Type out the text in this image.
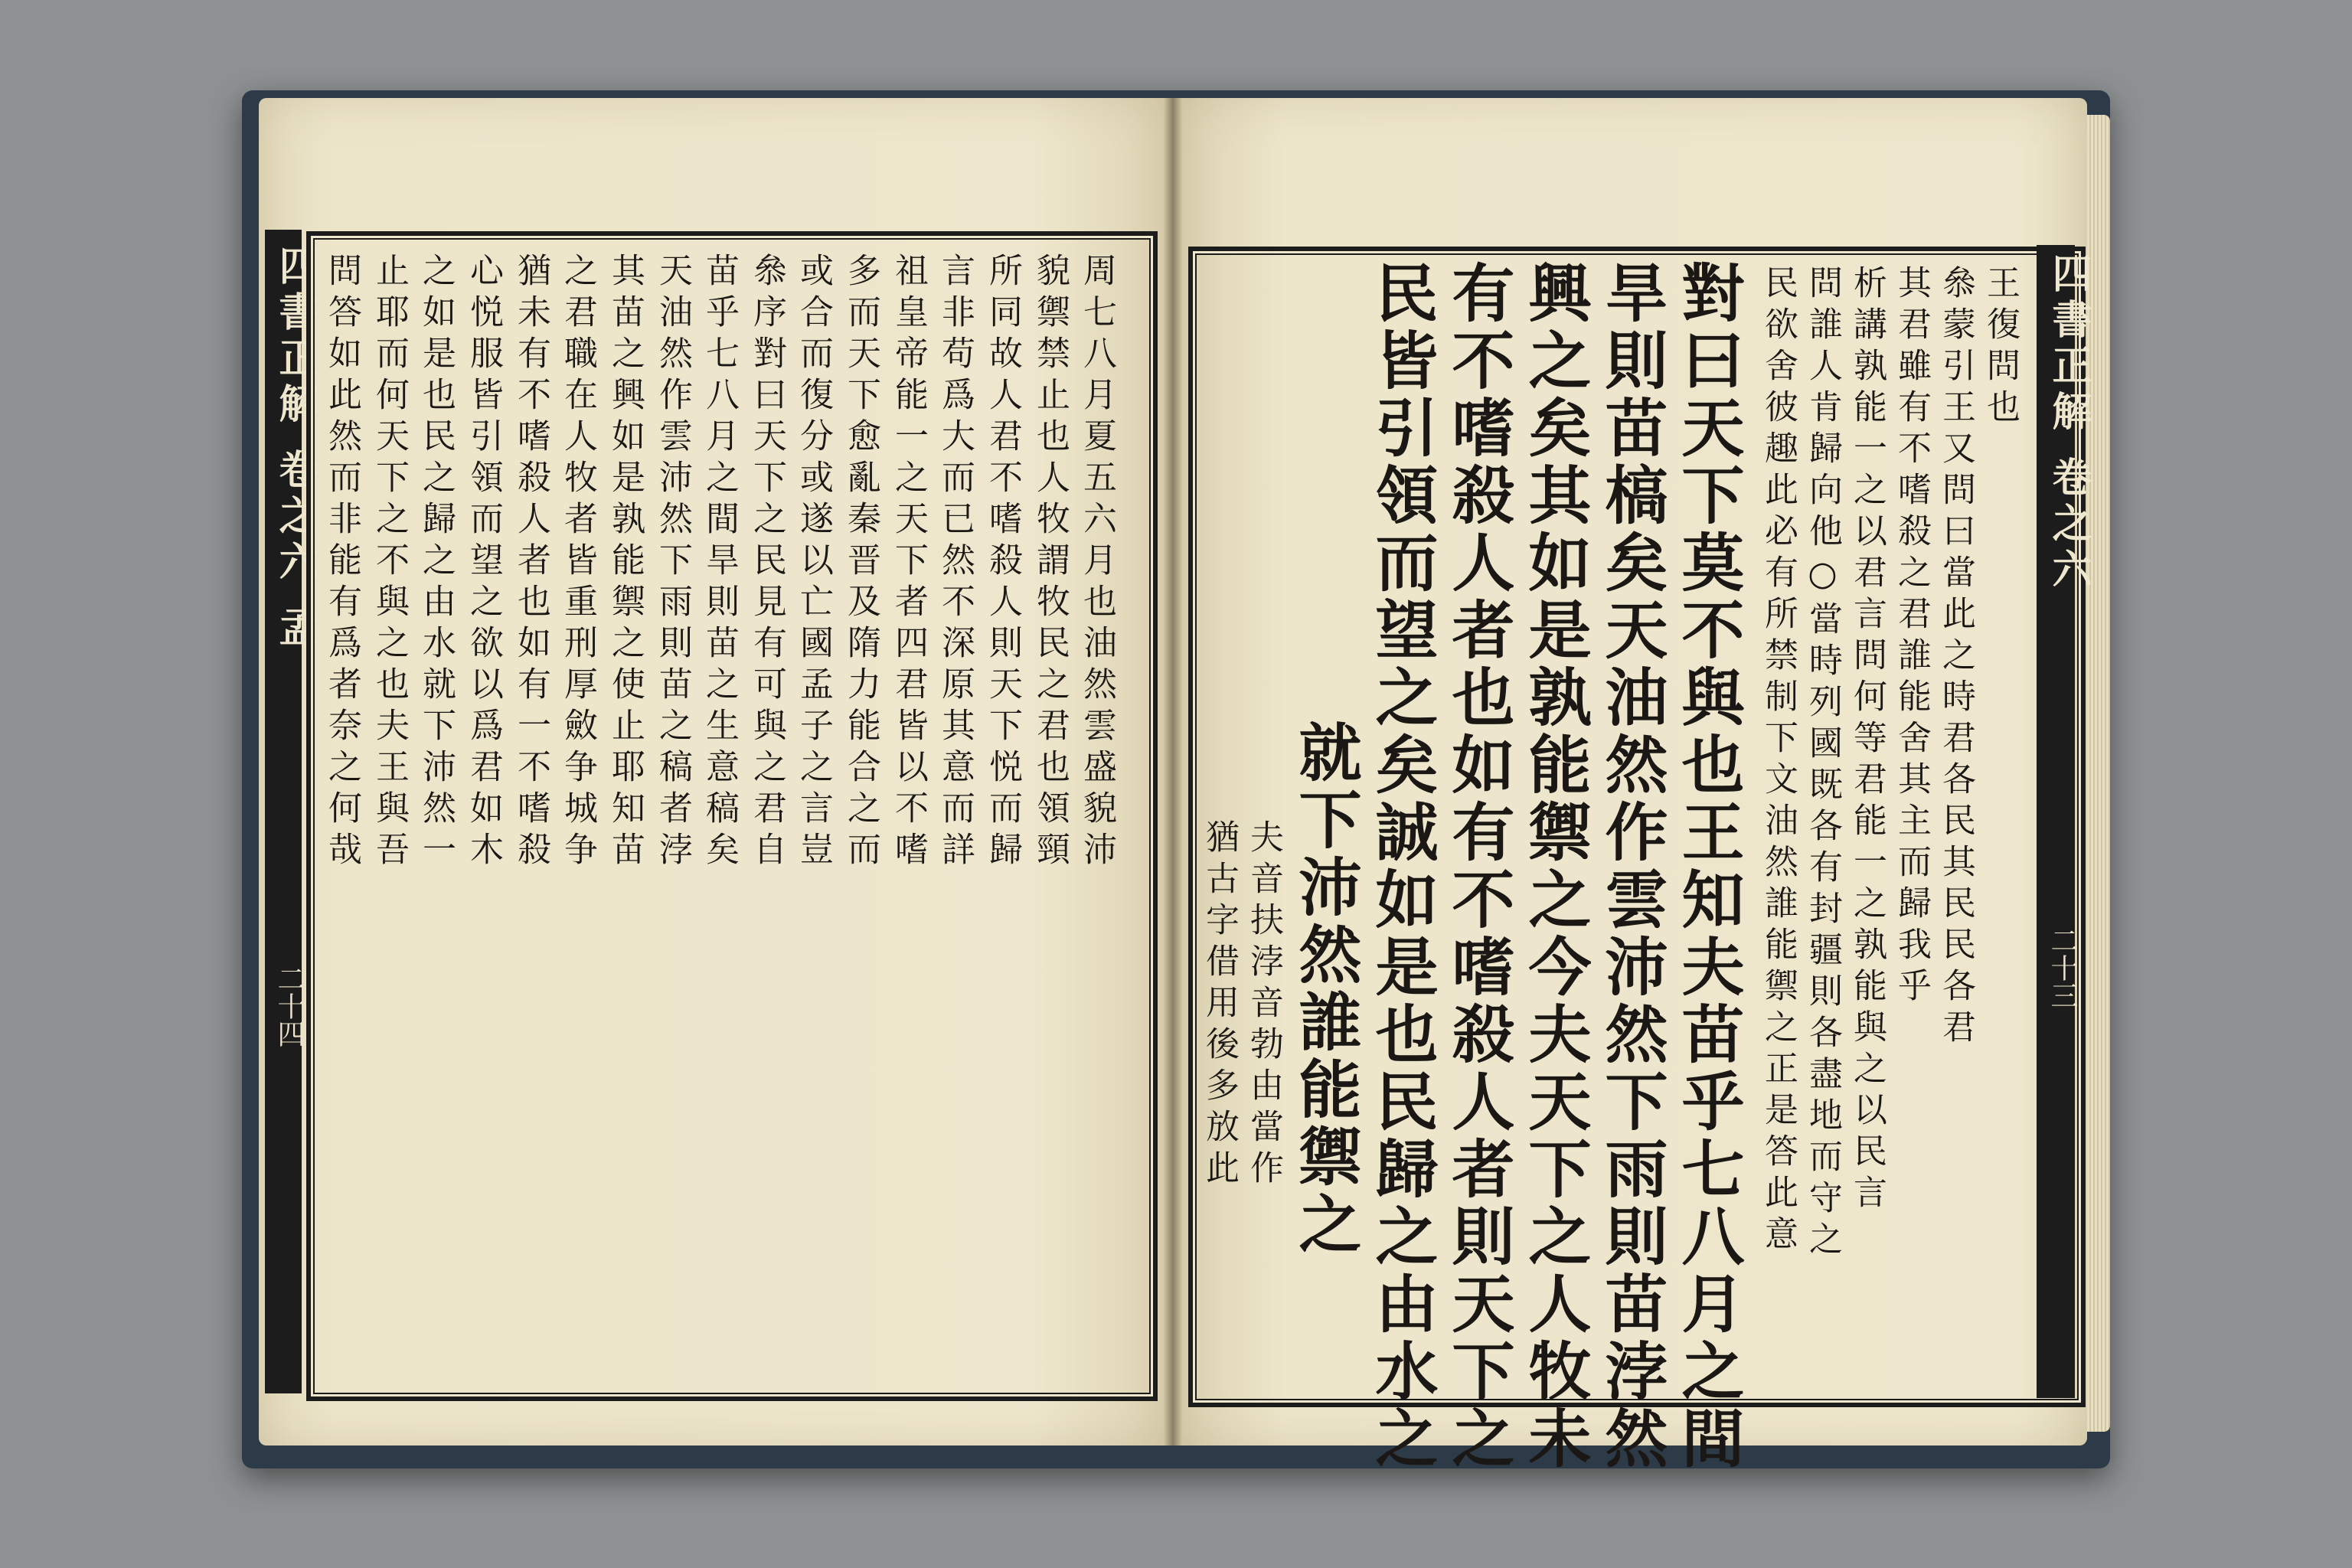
四書正解 卷之六 孟
二十四
問答如此然而非能有爲者奈之何哉 止耶而何天下之不與之也夫王與吾 之如是也民之歸之由水就下沛然一 心悦服皆引領而望之欲以爲君如木 猶未有不嗜殺人者也如有一不嗜殺 之君職在人牧者皆重刑厚斂争城争 其苗之興如是孰能禦之使止耶知苗 天油然作雲沛然下雨則苗之稿者浡 苗乎七八月之間旱則苗之生意稿矣 叅序對曰天下之民見有可與之君自 或合而復分或遂以亡國孟子之言豈 多而天下愈亂秦晋及隋力能合之而 祖皇帝能一之天下者四君皆以不嗜 言非苟爲大而已然不深原其意而詳 所同故人君不嗜殺人則天下悦而歸 貌禦禁止也人牧謂牧民之君也領頸 周七八月夏五六月也油然雲盛貌沛	四書正解 卷之六
二十三
猶古字借用後多放此 夫音扶浡音勃由當作 就下沛然誰能禦之 民皆引領而望之矣誠如是也民歸之由水之 有不嗜殺人者也如有不嗜殺人者則天下之 興之矣其如是孰能禦之今夫天下之人牧未 旱則苗槁矣天油然作雲沛然下雨則苗浡然 對曰天下莫不與也王知夫苗乎七八月之間 民欲舍彼趣此必有所禁制下文油然誰能禦之正是答此意 問誰人肯歸向他○當時列國既各有封疆則各盡地而守之 析講孰能一之以君言問何等君能一之孰能與之以民言 其君雖有不嗜殺之君誰能舍其主而歸我乎 叅蒙引王又問曰當此之時君各民其民民各君 王復問也
